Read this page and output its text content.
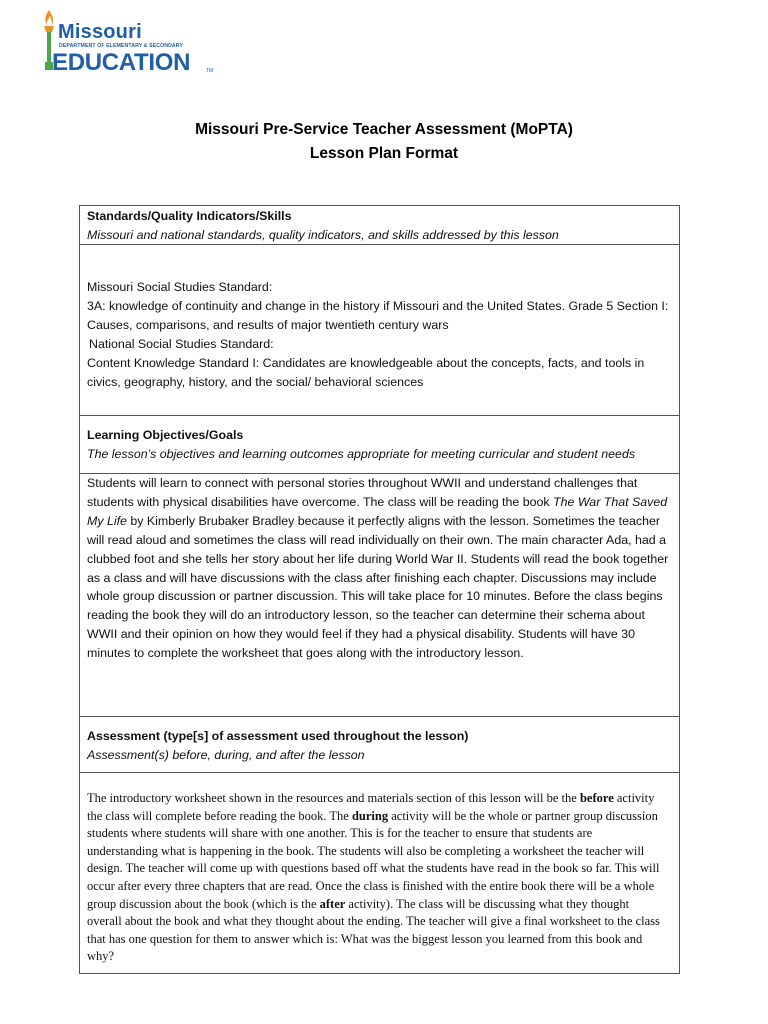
Missouri
DEPARTMENT OF ELEMENTARY & SECONDARY
EDUCATION	TM
Missouri Pre-Service Teacher Assessment (MoPTA)
Lesson Plan Format
Standards/Quality Indicators/Skills
Missouri and national standards, quality indicators, and skills addressed by this lesson

Missouri Social Studies Standard:

3A: knowledge of continuity and change in the history if Missouri and the United States. Grade 5 Section I: Causes, comparisons, and results of major twentieth century wars

National Social Studies Standard:

Content Knowledge Standard I: Candidates are knowledgeable about the concepts, facts, and tools in civics, geography, history, and the social/ behavioral sciences

Learning Objectives/Goals
The lesson’s objectives and learning outcomes appropriate for meeting curricular and student needs
Students will learn to connect with personal stories throughout WWII and understand challenges that students with physical disabilities have overcome. The class will be reading the book The War That Saved My Life by Kimberly Brubaker Bradley because it perfectly aligns with the lesson. Sometimes the teacher will read aloud and sometimes the class will read individually on their own. The main character Ada, had a clubbed foot and she tells her story about her life during World War II. Students will read the book together as a class and will have discussions with the class after finishing each chapter. Discussions may include whole group discussion or partner discussion. This will take place for 10 minutes. Before the class begins reading the book they will do an introductory lesson, so the teacher can determine their schema about WWII and their opinion on how they would feel if they had a physical disability. Students will have 30 minutes to complete the worksheet that goes along with the introductory lesson.
Assessment (type[s] of assessment used throughout the lesson)
Assessment(s) before, during, and after the lesson
The introductory worksheet shown in the resources and materials section of this lesson will be the before activity the class will complete before reading the book. The during activity will be the whole or partner group discussion students where students will share with one another. This is for the teacher to ensure that students are understanding what is happening in the book. The students will also be completing a worksheet the teacher will design. The teacher will come up with questions based off what the students have read in the book so far. This will occur after every three chapters that are read. Once the class is finished with the entire book there will be a whole group discussion about the book (which is the after activity). The class will be discussing what they thought overall about the book and what they thought about the ending. The teacher will give a final worksheet to the class that has one question for them to answer which is: What was the biggest lesson you learned from this book and why?
